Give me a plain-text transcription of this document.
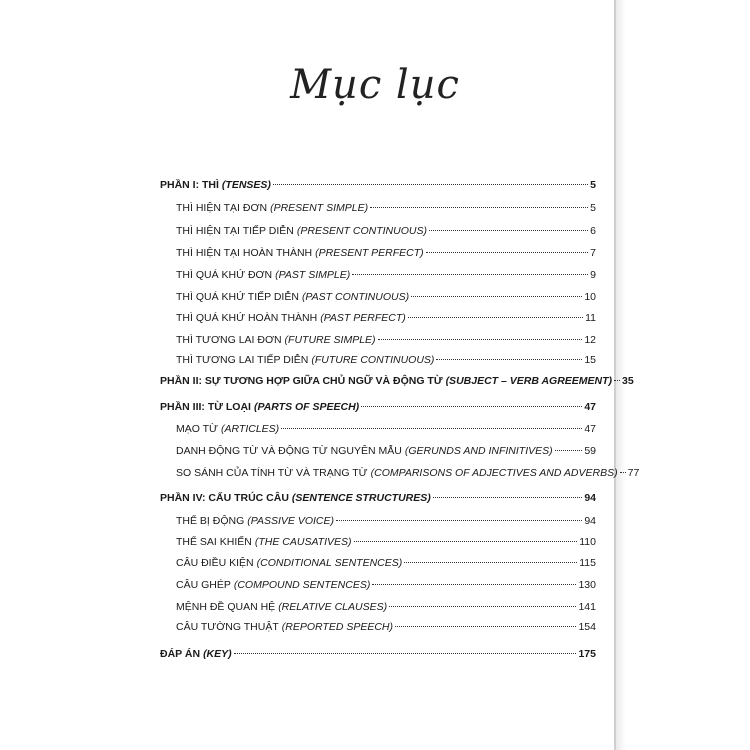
Mục lục
PHẦN I: THÌ (TENSES)	5
THÌ HIỆN TẠI ĐƠN (PRESENT SIMPLE)	5
THÌ HIỆN TẠI TIẾP DIỄN (PRESENT CONTINUOUS)	6
THÌ HIỆN TẠI HOÀN THÀNH (PRESENT PERFECT)	7
THÌ QUÁ KHỨ ĐƠN (PAST SIMPLE)	9
THÌ QUÁ KHỨ TIẾP DIỄN (PAST CONTINUOUS)	10
THÌ QUÁ KHỨ HOÀN THÀNH (PAST PERFECT)	11
THÌ TƯƠNG LAI ĐƠN (FUTURE SIMPLE)	12
THÌ TƯƠNG LAI TIẾP DIỄN (FUTURE CONTINUOUS)	15
PHẦN II: SỰ TƯƠNG HỢP GIỮA CHỦ NGỮ VÀ ĐỘNG TỪ (SUBJECT – VERB AGREEMENT) 35
PHẦN III: TỪ LOẠI (PARTS OF SPEECH)	47
MẠO TỪ (ARTICLES)	47
DANH ĐỘNG TỪ VÀ ĐỘNG TỪ NGUYÊN MẪU (GERUNDS AND INFINITIVES)	59
SO SÁNH CỦA TÍNH TỪ VÀ TRẠNG TỪ (COMPARISONS OF ADJECTIVES AND ADVERBS) 77
PHẦN IV: CẤU TRÚC CÂU (SENTENCE STRUCTURES)	94
THỂ BỊ ĐỘNG (PASSIVE VOICE)	94
THỂ SAI KHIẾN (THE CAUSATIVES)	110
CÂU ĐIỀU KIỆN (CONDITIONAL SENTENCES)	115
CÂU GHÉP (COMPOUND SENTENCES)	130
MỆNH ĐỀ QUAN HỆ (RELATIVE CLAUSES)	141
CÂU TƯỜNG THUẬT (REPORTED SPEECH)	154
ĐÁP ÁN (KEY)	175
